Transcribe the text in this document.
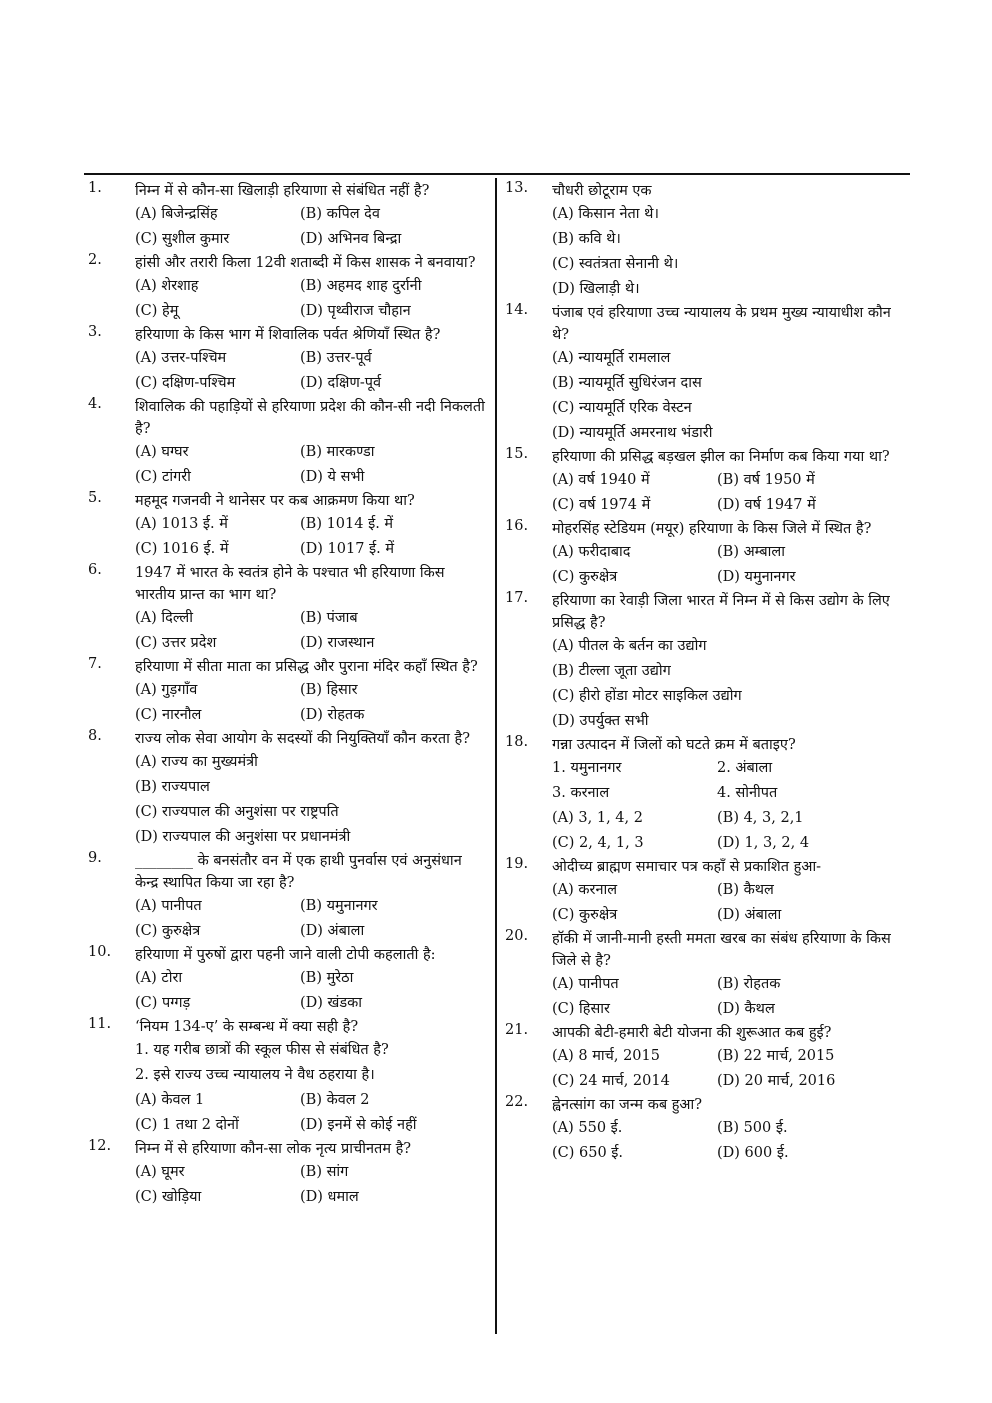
1. निम्न में से कौन-सा खिलाड़ी हरियाणा से संबंधित नहीं है?
(A) बिजेन्द्रसिंह	(B) कपिल देव
(C) सुशील कुमार	(D) अभिनव बिन्द्रा
2. हांसी और तरारी किला 12वी शताब्दी में किस शासक ने बनवाया?
(A) शेरशाह	(B) अहमद शाह दुर्रानी
(C) हेमू	(D) पृथ्वीराज चौहान
3. हरियाणा के किस भाग में शिवालिक पर्वत श्रेणियाँ स्थित है?
(A) उत्तर-पश्चिम	(B) उत्तर-पूर्व
(C) दक्षिण-पश्चिम	(D) दक्षिण-पूर्व
4. शिवालिक की पहाड़ियों से हरियाणा प्रदेश की कौन-सी नदी निकलती है?
(A) घग्घर	(B) मारकण्डा
(C) टांगरी	(D) ये सभी
5. महमूद गजनवी ने थानेसर पर कब आक्रमण किया था?
(A) 1013 ई. में	(B) 1014 ई. में
(C) 1016 ई. में	(D) 1017 ई. में
6. 1947 में भारत के स्वतंत्र होने के पश्चात भी हरियाणा किस भारतीय प्रान्त का भाग था?
(A) दिल्ली	(B) पंजाब
(C) उत्तर प्रदेश	(D) राजस्थान
7. हरियाणा में सीता माता का प्रसिद्ध और पुराना मंदिर कहाँ स्थित है?
(A) गुड़गाँव	(B) हिसार
(C) नारनौल	(D) रोहतक
8. राज्य लोक सेवा आयोग के सदस्यों की नियुक्तियाँ कौन करता है?
(A) राज्य का मुख्यमंत्री
(B) राज्यपाल
(C) राज्यपाल की अनुशंसा पर राष्ट्रपति
(D) राज्यपाल की अनुशंसा पर प्रधानमंत्री
9. ________ के बनसंतौर वन में एक हाथी पुनर्वास एवं अनुसंधान केन्द्र स्थापित किया जा रहा है?
(A) पानीपत	(B) यमुनानगर
(C) कुरुक्षेत्र	(D) अंबाला
10. हरियाणा में पुरुषों द्वारा पहनी जाने वाली टोपी कहलाती है:
(A) टोरा	(B) मुरेठा
(C) पग्गड़	(D) खंडका
11. ‘नियम 134-ए’ के सम्बन्ध में क्या सही है?
1. यह गरीब छात्रों की स्कूल फीस से संबंधित है?
2. इसे राज्य उच्च न्यायालय ने वैध ठहराया है।
(A) केवल 1	(B) केवल 2
(C) 1 तथा 2 दोनों	(D) इनमें से कोई नहीं
12. निम्न में से हरियाणा कौन-सा लोक नृत्य प्राचीनतम है?
(A) घूमर	(B) सांग
(C) खोड़िया	(D) धमाल
13. चौधरी छोटूराम एक
(A) किसान नेता थे।
(B) कवि थे।
(C) स्वतंत्रता सेनानी थे।
(D) खिलाड़ी थे।
14. पंजाब एवं हरियाणा उच्च न्यायालय के प्रथम मुख्य न्यायाधीश कौन थे?
(A) न्यायमूर्ति रामलाल
(B) न्यायमूर्ति सुधिरंजन दास
(C) न्यायमूर्ति एरिक वेस्टन
(D) न्यायमूर्ति अमरनाथ भंडारी
15. हरियाणा की प्रसिद्ध बड़खल झील का निर्माण कब किया गया था?
(A) वर्ष 1940 में	(B) वर्ष 1950 में
(C) वर्ष 1974 में	(D) वर्ष 1947 में
16. मोहरसिंह स्टेडियम (मयूर) हरियाणा के किस जिले में स्थित है?
(A) फरीदाबाद	(B) अम्बाला
(C) कुरुक्षेत्र	(D) यमुनानगर
17. हरियाणा का रेवाड़ी जिला भारत में निम्न में से किस उद्योग के लिए प्रसिद्ध है?
(A) पीतल के बर्तन का उद्योग
(B) टील्ला जूता उद्योग
(C) हीरो होंडा मोटर साइकिल उद्योग
(D) उपर्युक्त सभी
18. गन्ना उत्पादन में जिलों को घटते क्रम में बताइए?
1. यमुनानगर	2. अंबाला
3. करनाल	4. सोनीपत
(A) 3, 1, 4, 2	(B) 4, 3, 2,1
(C) 2, 4, 1, 3	(D) 1, 3, 2, 4
19. ओदीच्य ब्राह्मण समाचार पत्र कहाँ से प्रकाशित हुआ-
(A) करनाल	(B) कैथल
(C) कुरुक्षेत्र	(D) अंबाला
20. हॉकी में जानी-मानी हस्ती ममता खरब का संबंध हरियाणा के किस जिले से है?
(A) पानीपत	(B) रोहतक
(C) हिसार	(D) कैथल
21. आपकी बेटी-हमारी बेटी योजना की शुरूआत कब हुई?
(A) 8 मार्च, 2015	(B) 22 मार्च, 2015
(C) 24 मार्च, 2014	(D) 20 मार्च, 2016
22. ह्वेनत्सांग का जन्म कब हुआ?
(A) 550 ई.	(B) 500 ई.
(C) 650 ई.	(D) 600 ई.
